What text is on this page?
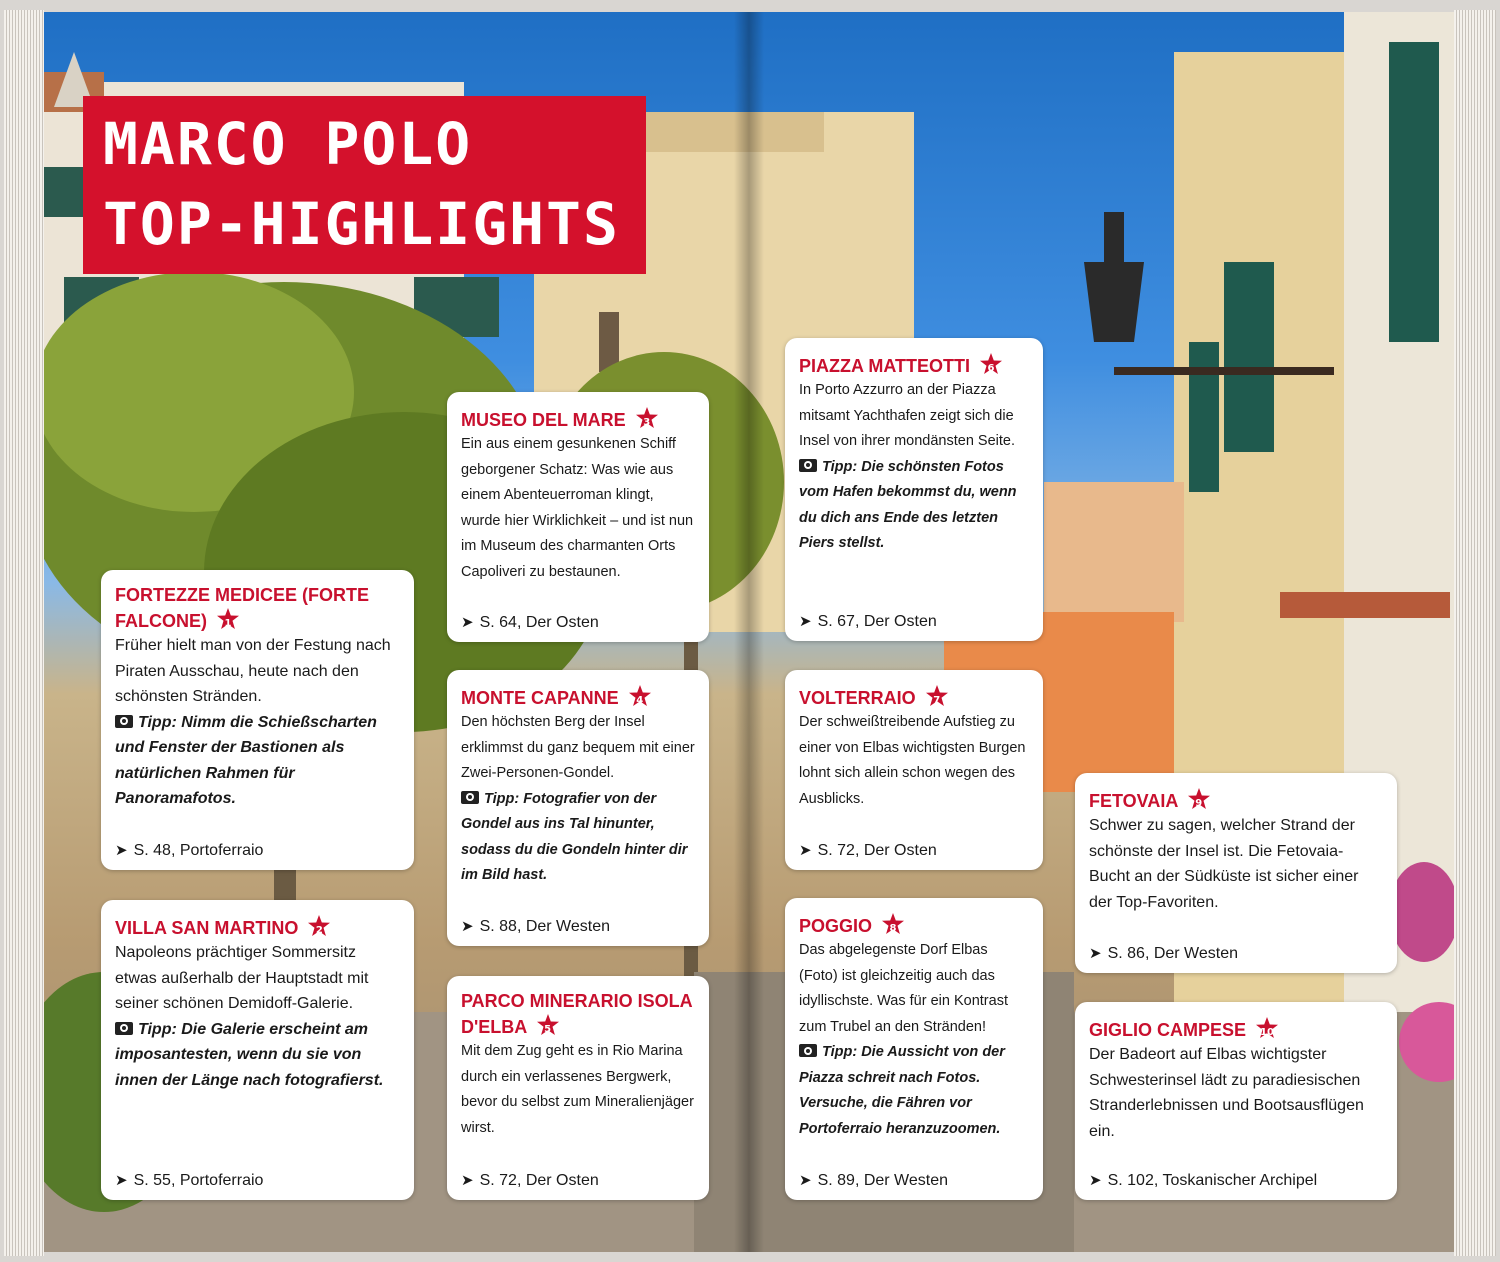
MARCO POLO
TOP-HIGHLIGHTS
FORTEZZE MEDICEE (FORTE FALCONE)	1
Früher hielt man von der Festung nach Piraten Ausschau, heute nach den schönsten Stränden.
Tipp: Nimm die Schießscharten und Fenster der Bastionen als natürlichen Rahmen für Panoramafotos.
➤ S. 48, Portoferraio
VILLA SAN MARTINO	2
Napoleons prächtiger Sommersitz etwas außerhalb der Hauptstadt mit seiner schönen Demidoff-Galerie.
Tipp: Die Galerie erscheint am imposantesten, wenn du sie von innen der Länge nach fotografierst.
➤ S. 55, Portoferraio
MUSEO DEL MARE	3
Ein aus einem gesunkenen Schiff geborgener Schatz: Was wie aus einem Abenteuerroman klingt, wurde hier Wirklichkeit – und ist nun im Museum des charmanten Orts Capoliveri zu bestaunen.
➤ S. 64, Der Osten
MONTE CAPANNE	4
Den höchsten Berg der Insel erklimmst du ganz bequem mit einer Zwei-Personen-Gondel.
Tipp: Fotografier von der Gondel aus ins Tal hinunter, sodass du die Gondeln hinter dir im Bild hast.
➤ S. 88, Der Westen
PARCO MINERARIO ISOLA D'ELBA	5
Mit dem Zug geht es in Rio Marina durch ein verlassenes Bergwerk, bevor du selbst zum Mineralienjäger wirst.
➤ S. 72, Der Osten
PIAZZA MATTEOTTI	6
In Porto Azzurro an der Piazza mitsamt Yachthafen zeigt sich die Insel von ihrer mondänsten Seite.
Tipp: Die schönsten Fotos vom Hafen bekommst du, wenn du dich ans Ende des letzten Piers stellst.
➤ S. 67, Der Osten
VOLTERRAIO	7
Der schweißtreibende Aufstieg zu einer von Elbas wichtigsten Burgen lohnt sich allein schon wegen des Ausblicks.
➤ S. 72, Der Osten
POGGIO	8
Das abgelegenste Dorf Elbas (Foto) ist gleichzeitig auch das idyllischste. Was für ein Kontrast zum Trubel an den Stränden!
Tipp: Die Aussicht von der Piazza schreit nach Fotos. Versuche, die Fähren vor Portoferraio heranzuzoomen.
➤ S. 89, Der Westen
FETOVAIA	9
Schwer zu sagen, welcher Strand der schönste der Insel ist. Die Fetovaia-Bucht an der Südküste ist sicher einer der Top-Favoriten.
➤ S. 86, Der Westen
GIGLIO CAMPESE	10
Der Badeort auf Elbas wichtigster Schwesterinsel lädt zu paradiesischen Stranderlebnissen und Bootsausflügen ein.
➤ S. 102, Toskanischer Archipel
